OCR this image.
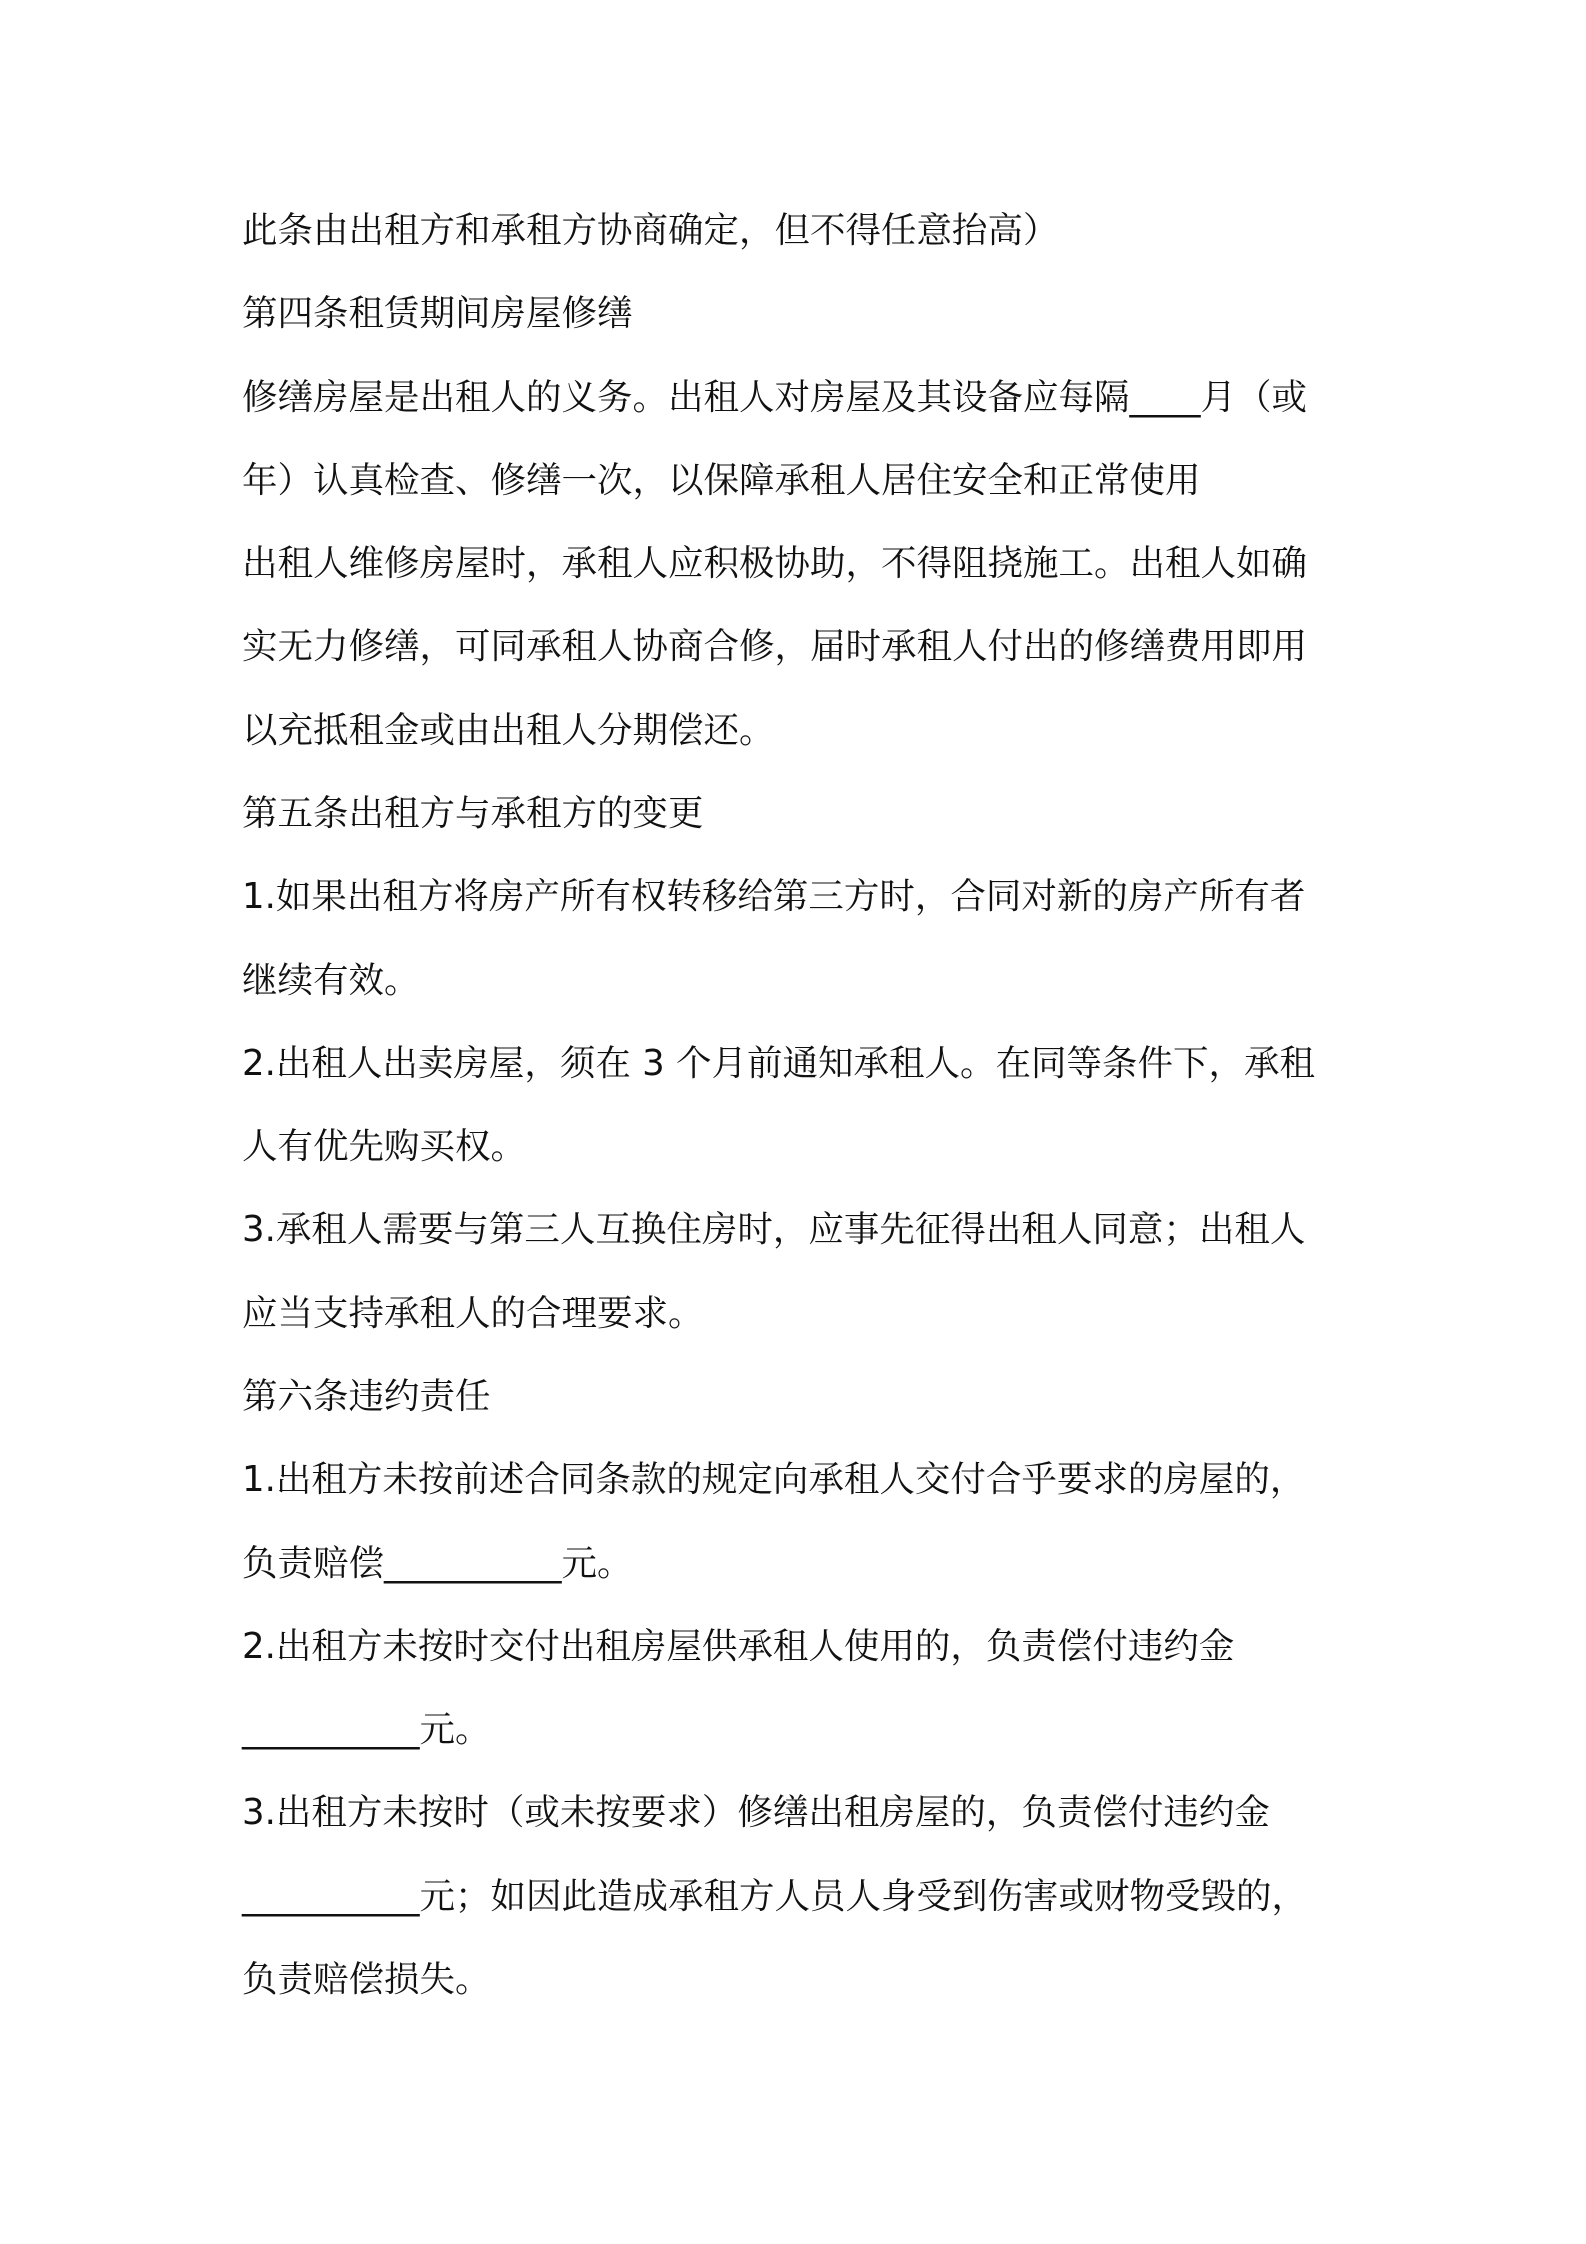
此条由出租方和承租方协商确定，但不得任意抬高）

第四条租赁期间房屋修缮

修缮房屋是出租人的义务。出租人对房屋及其设备应每隔____月（或

年）认真检查、修缮一次，以保障承租人居住安全和正常使用

出租人维修房屋时，承租人应积极协助，不得阻挠施工。出租人如确

实无力修缮，可同承租人协商合修，届时承租人付出的修缮费用即用

以充抵租金或由出租人分期偿还。

第五条出租方与承租方的变更

1.如果出租方将房产所有权转移给第三方时，合同对新的房产所有者

继续有效。

2.出租人出卖房屋，须在 3 个月前通知承租人。在同等条件下，承租

人有优先购买权。

3.承租人需要与第三人互换住房时，应事先征得出租人同意；出租人

应当支持承租人的合理要求。

第六条违约责任

1.出租方未按前述合同条款的规定向承租人交付合乎要求的房屋的，

负责赔偿__________元。

2.出租方未按时交付出租房屋供承租人使用的，负责偿付违约金

__________元。

3.出租方未按时（或未按要求）修缮出租房屋的，负责偿付违约金

__________元；如因此造成承租方人员人身受到伤害或财物受毁的，

负责赔偿损失。
